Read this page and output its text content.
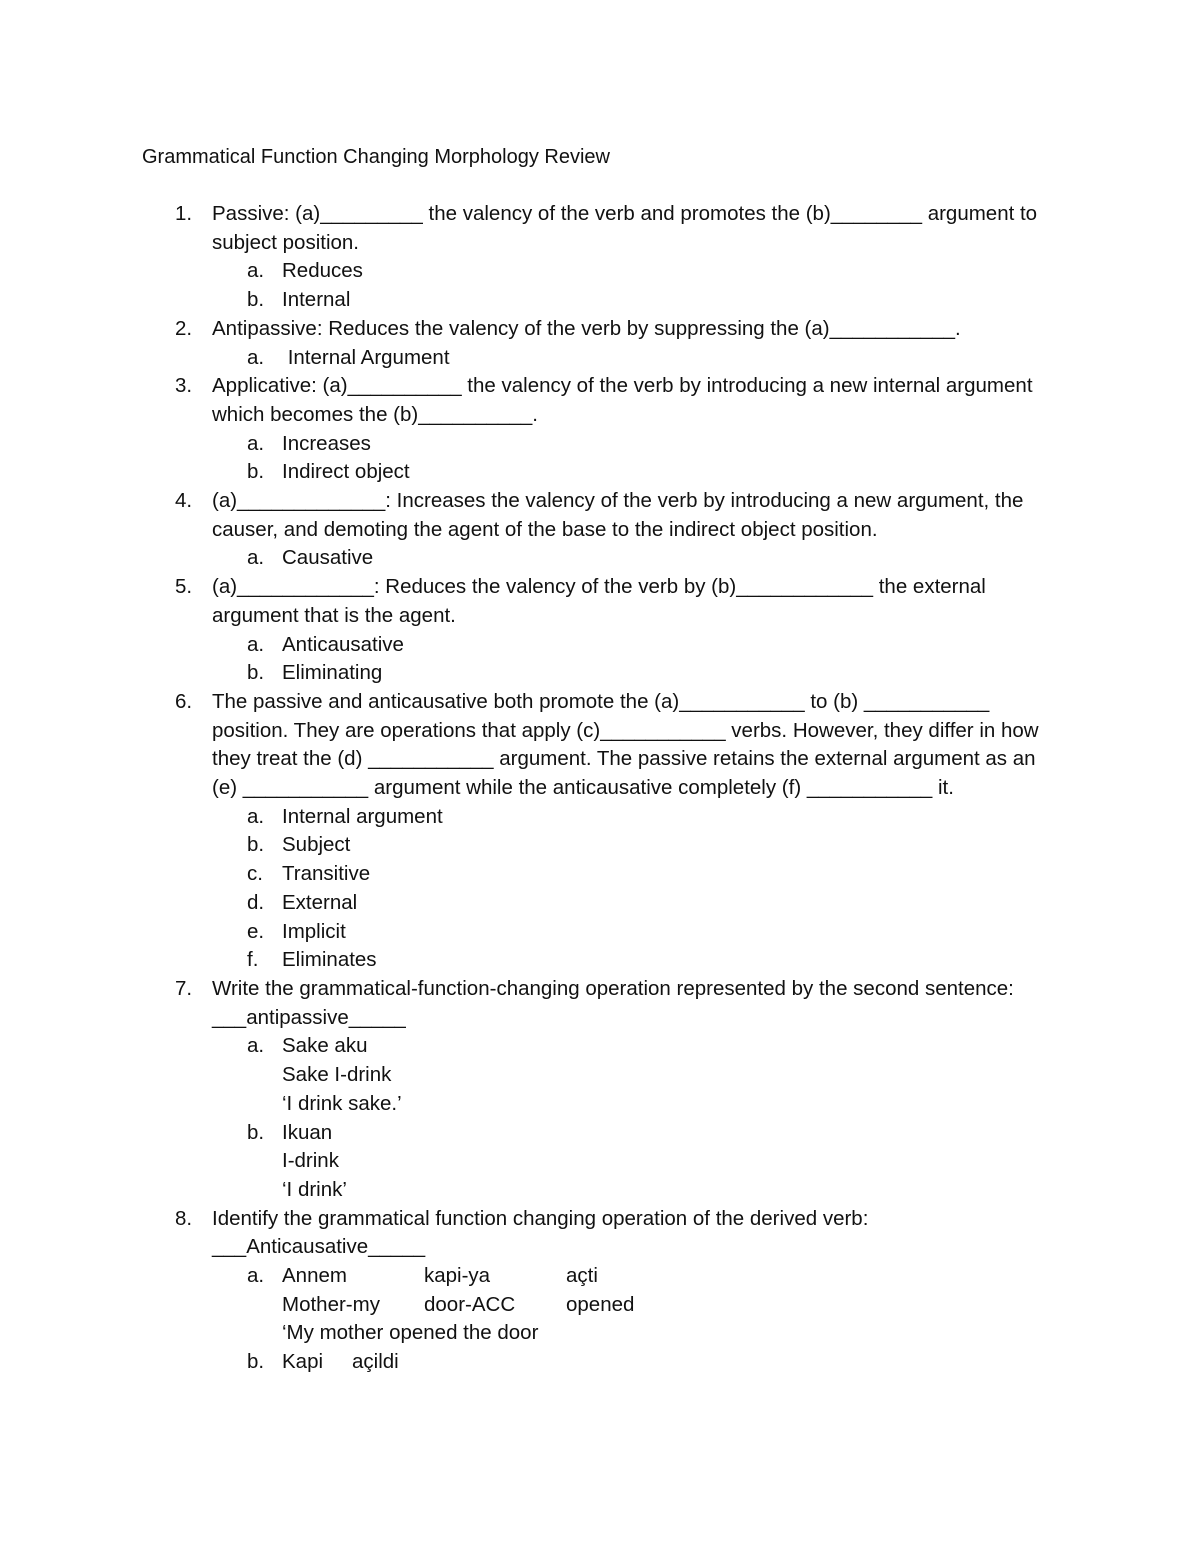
Grammatical Function Changing Morphology Review
1. Passive: (a)_________ the valency of the verb and promotes the (b)________ argument to subject position.
a. Reduces
b. Internal
2. Antipassive: Reduces the valency of the verb by suppressing the (a)___________.
a. Internal Argument
3. Applicative: (a)__________ the valency of the verb by introducing a new internal argument which becomes the (b)__________.
a. Increases
b. Indirect object
4. (a)_____________: Increases the valency of the verb by introducing a new argument, the causer, and demoting the agent of the base to the indirect object position.
a. Causative
5. (a)____________: Reduces the valency of the verb by (b)____________ the external argument that is the agent.
a. Anticausative
b. Eliminating
6. The passive and anticausative both promote the (a)___________ to (b) ___________ position. They are operations that apply (c)___________ verbs. However, they differ in how they treat the (d) ___________ argument. The passive retains the external argument as an (e) ___________ argument while the anticausative completely (f) ___________ it.
a. Internal argument
b. Subject
c. Transitive
d. External
e. Implicit
f.	Eliminates
7. Write the grammatical-function-changing operation represented by the second sentence: ___antipassive_____
a. Sake aku
Sake I-drink
‘I drink sake.’
b. Ikuan
I-drink
‘I drink’
8. Identify the grammatical function changing operation of the derived verb: ___Anticausative_____
a. Annem	kapi-ya	açti
Mother-my	door-ACC	opened
‘My mother opened the door
b. Kapi	açildi
